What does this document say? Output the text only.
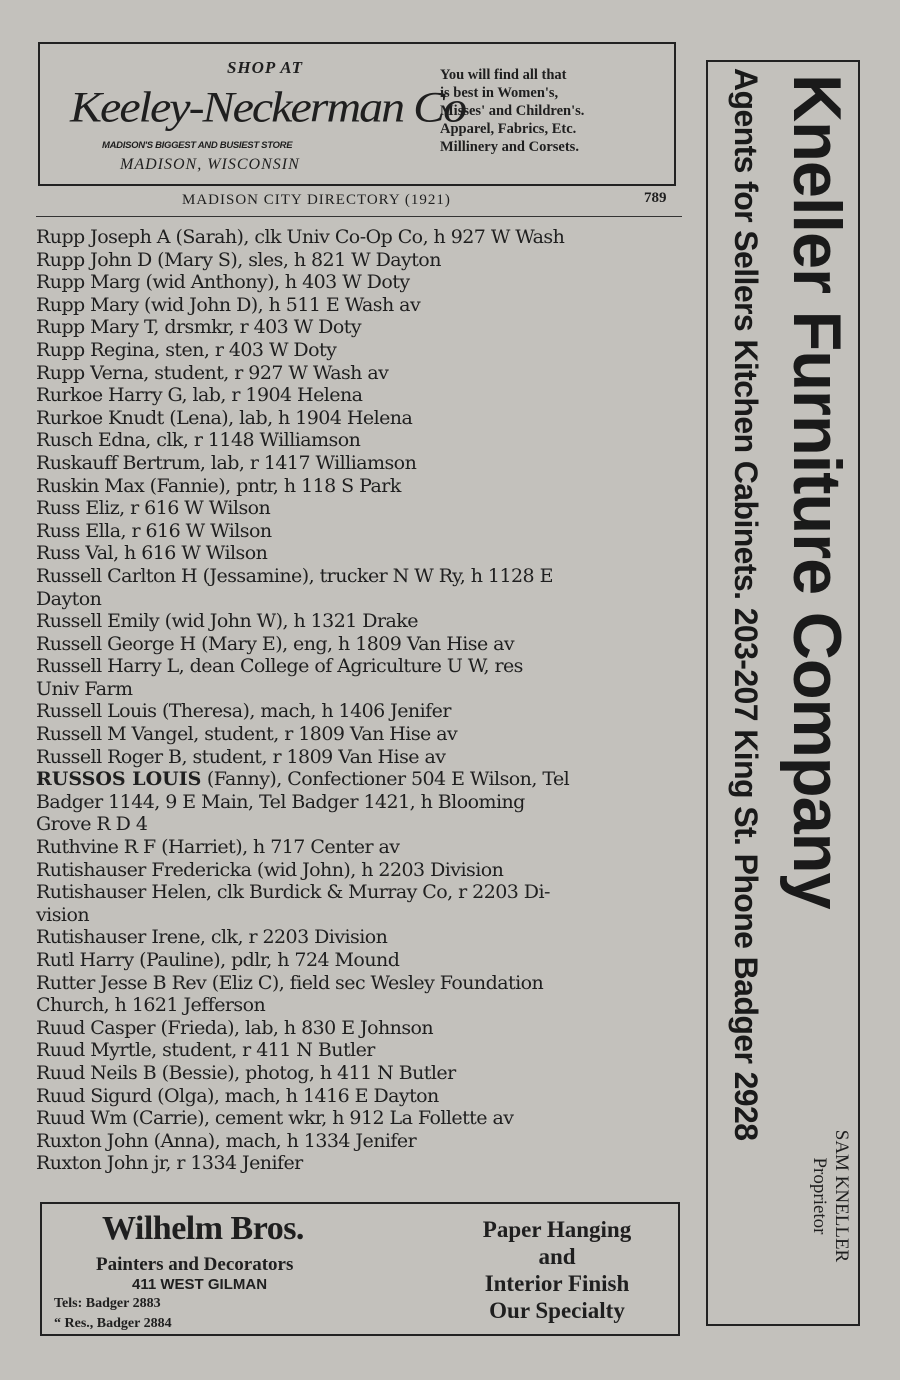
SHOP AT
Keeley-Neckerman Co
MADISON'S BIGGEST AND BUSIEST STORE
MADISON, WISCONSIN
You will find all that
is best in Women's,
Misses' and Children's.
Apparel, Fabrics, Etc.
Millinery and Corsets.
MADISON CITY DIRECTORY (1921)	789
Rupp Joseph A (Sarah), clk Univ Co-Op Co, h 927 W Wash
Rupp John D (Mary S), sles, h 821 W Dayton
Rupp Marg (wid Anthony), h 403 W Doty
Rupp Mary (wid John D), h 511 E Wash av
Rupp Mary T, drsmkr, r 403 W Doty
Rupp Regina, sten, r 403 W Doty
Rupp Verna, student, r 927 W Wash av
Rurkoe Harry G, lab, r 1904 Helena
Rurkoe Knudt (Lena), lab, h 1904 Helena
Rusch Edna, clk, r 1148 Williamson
Ruskauff Bertrum, lab, r 1417 Williamson
Ruskin Max (Fannie), pntr, h 118 S Park
Russ Eliz, r 616 W Wilson
Russ Ella, r 616 W Wilson
Russ Val, h 616 W Wilson
Russell Carlton H (Jessamine), trucker N W Ry, h 1128 E
Dayton
Russell Emily (wid John W), h 1321 Drake
Russell George H (Mary E), eng, h 1809 Van Hise av
Russell Harry L, dean College of Agriculture U W, res
Univ Farm
Russell Louis (Theresa), mach, h 1406 Jenifer
Russell M Vangel, student, r 1809 Van Hise av
Russell Roger B, student, r 1809 Van Hise av
RUSSOS LOUIS (Fanny), Confectioner 504 E Wilson, Tel
Badger 1144, 9 E Main, Tel Badger 1421, h Blooming
Grove R D 4
Ruthvine R F (Harriet), h 717 Center av
Rutishauser Fredericka (wid John), h 2203 Division
Rutishauser Helen, clk Burdick & Murray Co, r 2203 Di-
vision
Rutishauser Irene, clk, r 2203 Division
Rutl Harry (Pauline), pdlr, h 724 Mound
Rutter Jesse B Rev (Eliz C), field sec Wesley Foundation
Church, h 1621 Jefferson
Ruud Casper (Frieda), lab, h 830 E Johnson
Ruud Myrtle, student, r 411 N Butler
Ruud Neils B (Bessie), photog, h 411 N Butler
Ruud Sigurd (Olga), mach, h 1416 E Dayton
Ruud Wm (Carrie), cement wkr, h 912 La Follette av
Ruxton John (Anna), mach, h 1334 Jenifer
Ruxton John jr, r 1334 Jenifer
Kneller Furniture Company
Agents for Sellers Kitchen Cabinets. 203-207 King St. Phone Badger 2928
SAM KNELLER
Proprietor
Wilhelm Bros.
Painters and Decorators
411 WEST GILMAN
Tels: Badger 2883
“ Res., Badger 2884
Paper Hanging
and
Interior Finish
Our Specialty
